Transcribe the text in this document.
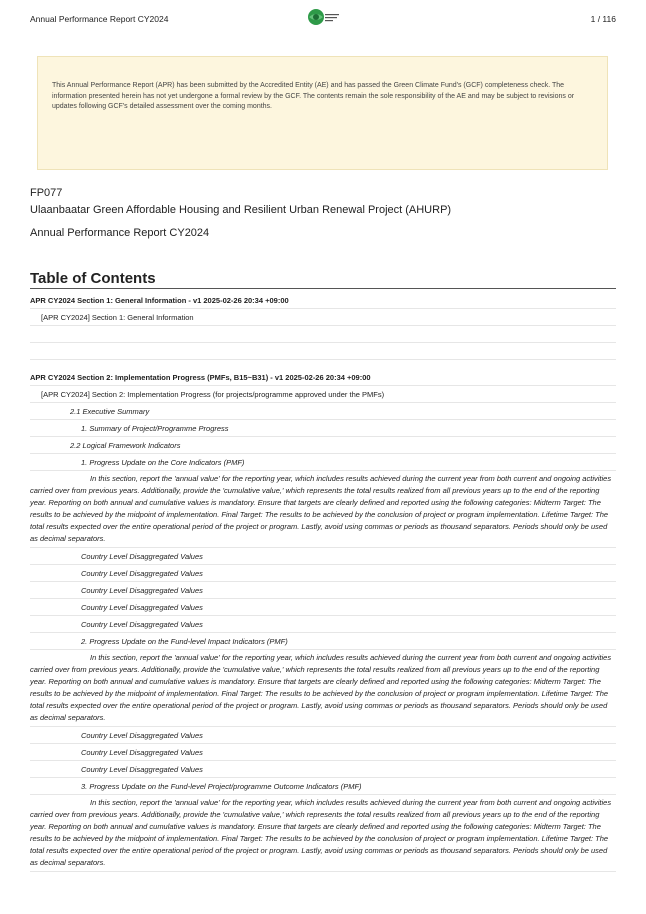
Annual Performance Report CY2024	1 / 116
This Annual Performance Report (APR) has been submitted by the Accredited Entity (AE) and has passed the Green Climate Fund's (GCF) completeness check. The information presented herein has not yet undergone a formal review by the GCF. The contents remain the sole responsibility of the AE and may be subject to revisions or updates following GCF's detailed assessment over the coming months.
FP077
Ulaanbaatar Green Affordable Housing and Resilient Urban Renewal Project (AHURP)
Annual Performance Report CY2024
Table of Contents
APR CY2024 Section 1: General Information - v1 2025-02-26 20:34 +09:00
[APR CY2024] Section 1: General Information
APR CY2024 Section 2: Implementation Progress (PMFs, B15~B31) - v1 2025-02-26 20:34 +09:00
[APR CY2024] Section 2: Implementation Progress (for projects/programme approved under the PMFs)
2.1 Executive Summary
1. Summary of Project/Programme Progress
2.2 Logical Framework Indicators
1. Progress Update on the Core Indicators (PMF)
In this section, report the 'annual value' for the reporting year, which includes results achieved during the current year from both current and ongoing activities carried over from previous years. Additionally, provide the 'cumulative value,' which represents the total results realized from all previous years up to the end of the reporting year. Reporting on both annual and cumulative values is mandatory. Ensure that targets are clearly defined and reported using the following categories: Midterm Target: The results to be achieved by the midpoint of implementation. Final Target: The results to be achieved by the conclusion of project or program implementation. Lifetime Target: The total results expected over the entire operational period of the project or program. Lastly, avoid using commas or periods as thousand separators. Periods should only be used as decimal separators.
Country Level Disaggregated Values
Country Level Disaggregated Values
Country Level Disaggregated Values
Country Level Disaggregated Values
Country Level Disaggregated Values
2. Progress Update on the Fund-level Impact Indicators (PMF)
In this section, report the 'annual value' for the reporting year, which includes results achieved during the current year from both current and ongoing activities carried over from previous years. Additionally, provide the 'cumulative value,' which represents the total results realized from all previous years up to the end of the reporting year. Reporting on both annual and cumulative values is mandatory. Ensure that targets are clearly defined and reported using the following categories: Midterm Target: The results to be achieved by the midpoint of implementation. Final Target: The results to be achieved by the conclusion of project or program implementation. Lifetime Target: The total results expected over the entire operational period of the project or program. Lastly, avoid using commas or periods as thousand separators. Periods should only be used as decimal separators.
Country Level Disaggregated Values
Country Level Disaggregated Values
Country Level Disaggregated Values
3. Progress Update on the Fund-level Project/programme Outcome Indicators (PMF)
In this section, report the 'annual value' for the reporting year, which includes results achieved during the current year from both current and ongoing activities carried over from previous years. Additionally, provide the 'cumulative value,' which represents the total results realized from all previous years up to the end of the reporting year. Reporting on both annual and cumulative values is mandatory. Ensure that targets are clearly defined and reported using the following categories: Midterm Target: The results to be achieved by the midpoint of implementation. Final Target: The results to be achieved by the conclusion of project or program implementation. Lifetime Target: The total results expected over the entire operational period of the project or program. Lastly, avoid using commas or periods as thousand separators. Periods should only be used as decimal separators.
